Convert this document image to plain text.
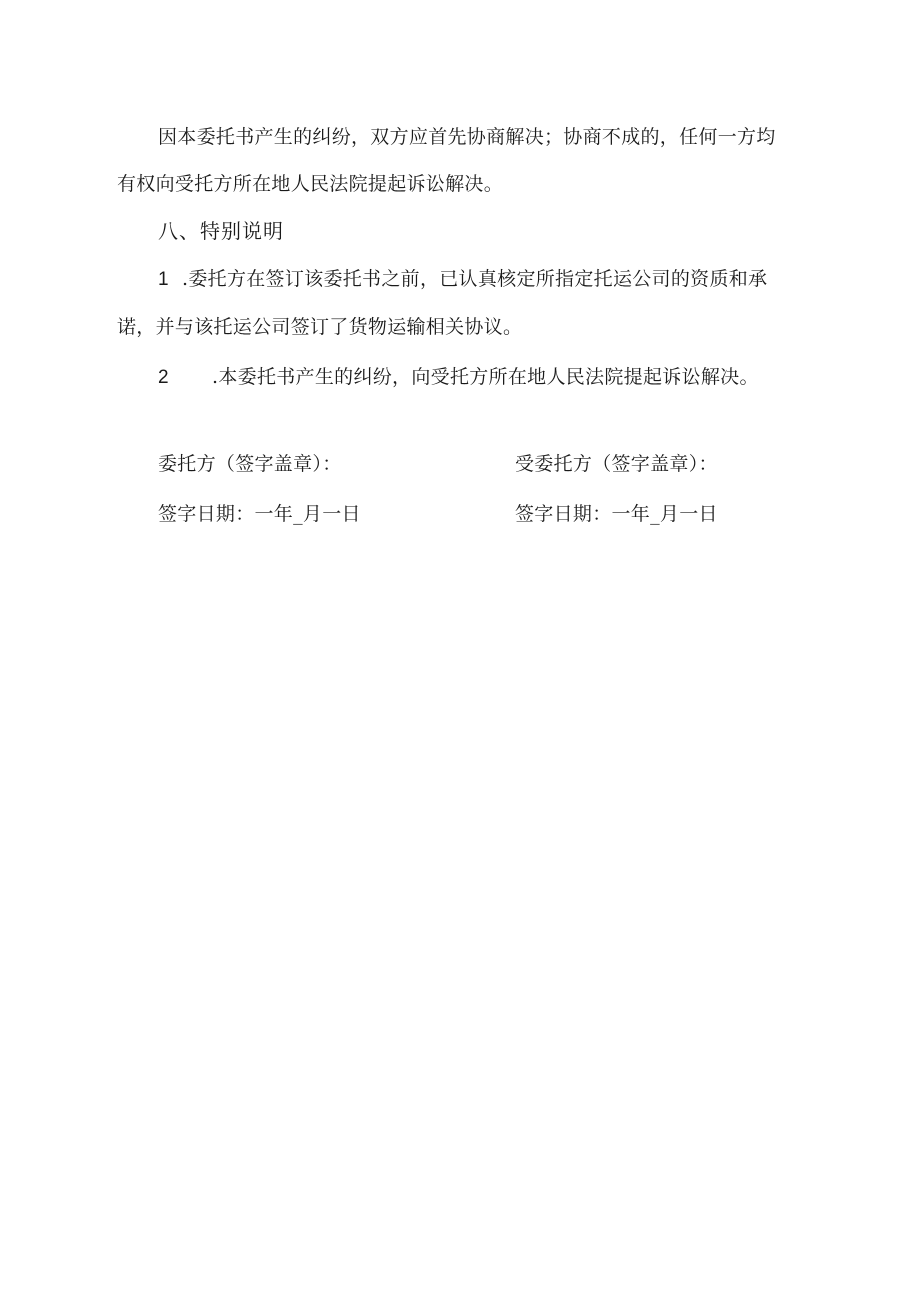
因本委托书产生的纠纷，双方应首先协商解决；协商不成的，任何一方均
有权向受托方所在地人民法院提起诉讼解决。
八、特别说明
1 .委托方在签订该委托书之前，已认真核定所指定托运公司的资质和承
诺，并与该托运公司签订了货物运输相关协议。
2 .本委托书产生的纠纷，向受托方所在地人民法院提起诉讼解决。
委托方（签字盖章）：
签字日期：一年_月一日
受委托方（签字盖章）：
签字日期：一年_月一日
